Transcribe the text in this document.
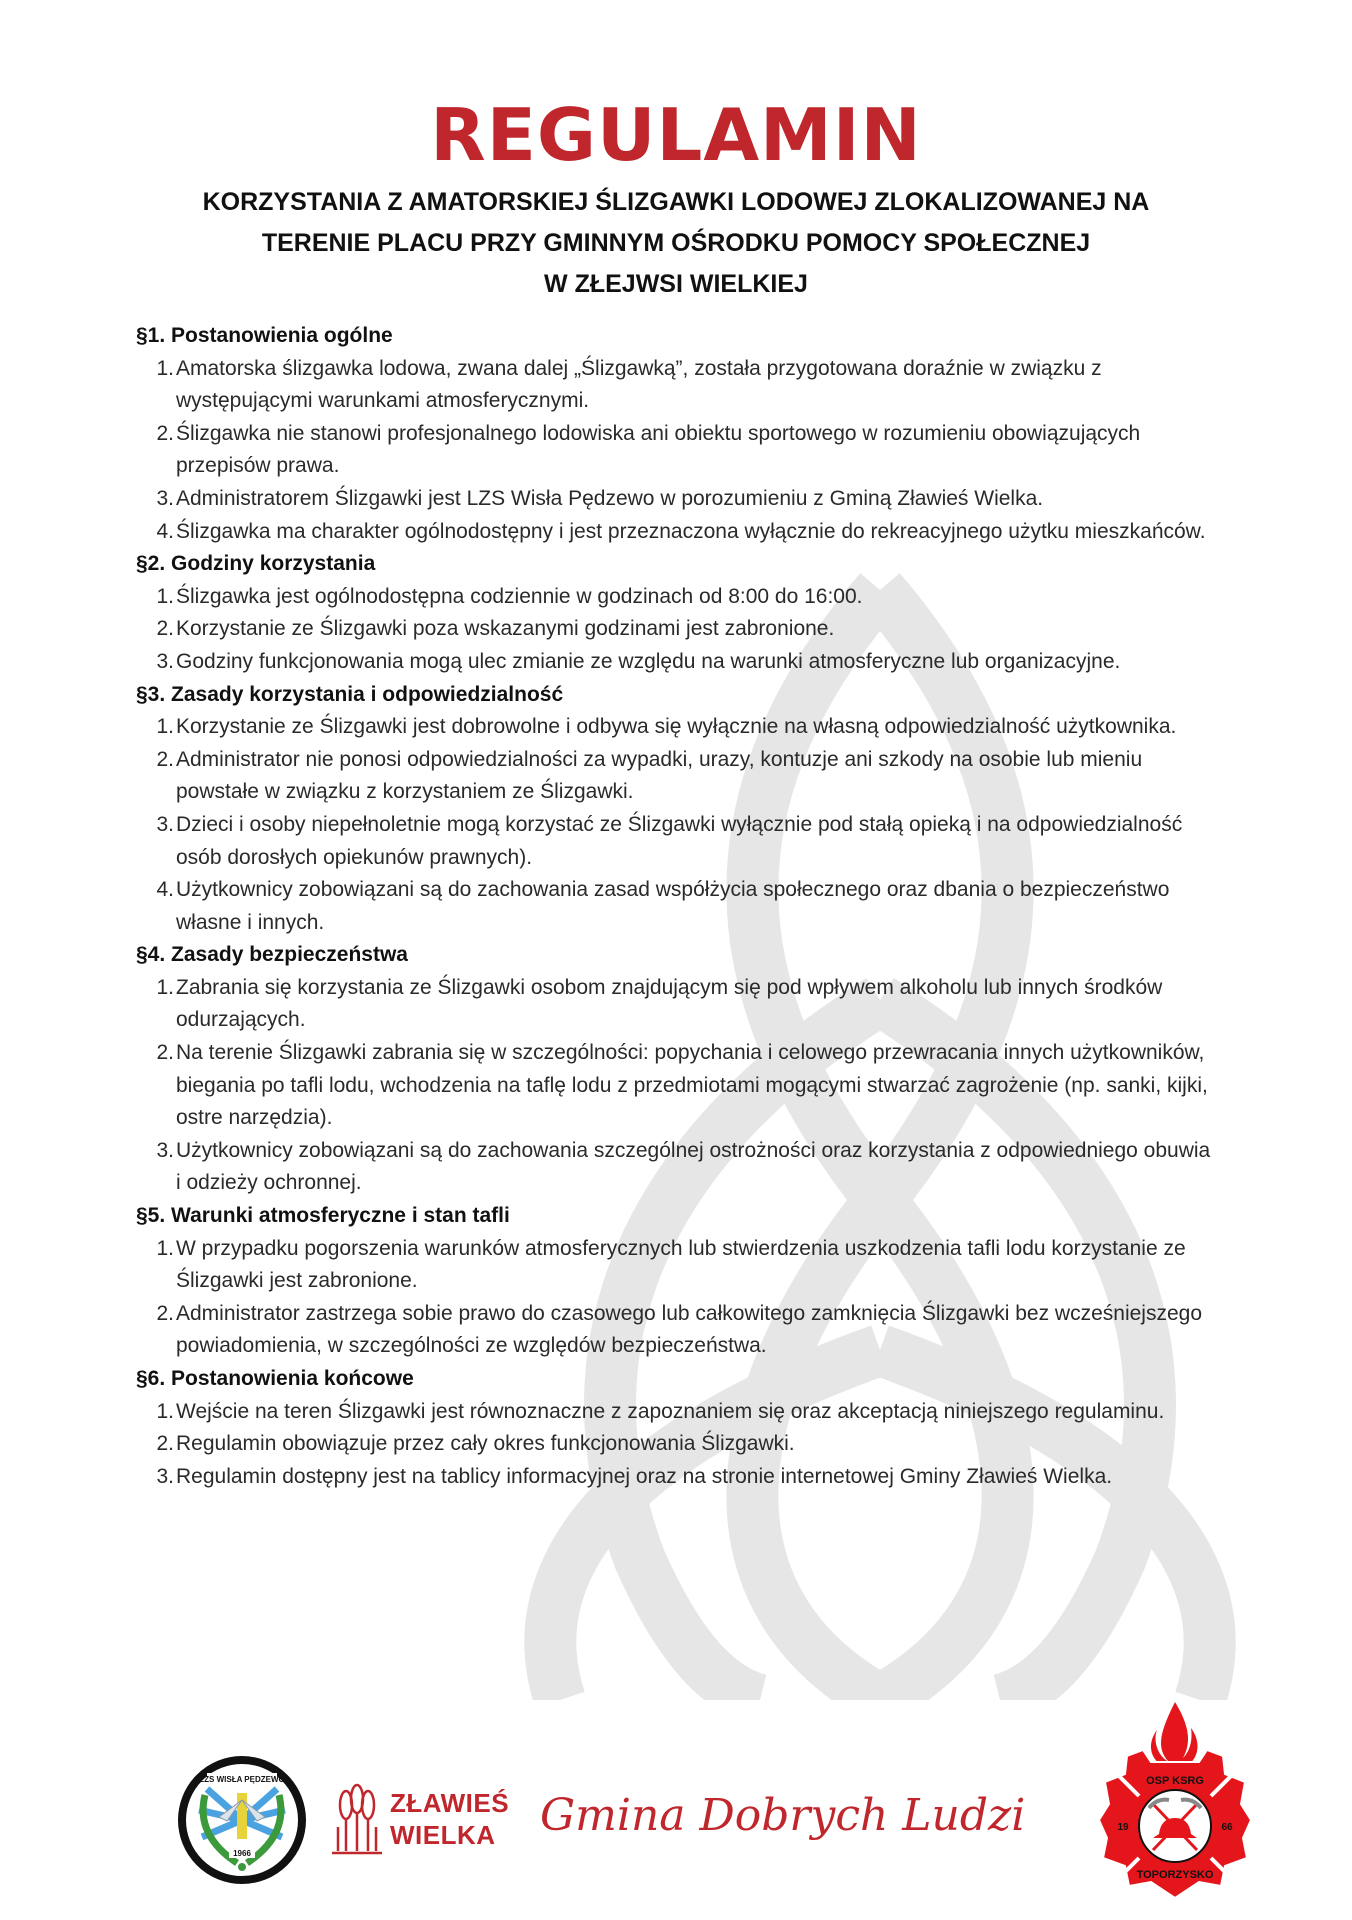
REGULAMIN
KORZYSTANIA Z AMATORSKIEJ ŚLIZGAWKI LODOWEJ ZLOKALIZOWANEJ NA
TERENIE PLACU PRZY GMINNYM OŚRODKU POMOCY SPOŁECZNEJ
W ZŁEJWSI WIELKIEJ

§1. Postanowienia ogólne

1. Amatorska ślizgawka lodowa, zwana dalej „Ślizgawką”, została przygotowana doraźnie w związku z występującymi warunkami atmosferycznymi.
2. Ślizgawka nie stanowi profesjonalnego lodowiska ani obiektu sportowego w rozumieniu obowiązujących przepisów prawa.
3. Administratorem Ślizgawki jest LZS Wisła Pędzewo w porozumieniu z Gminą Zławieś Wielka.
4. Ślizgawka ma charakter ogólnodostępny i jest przeznaczona wyłącznie do rekreacyjnego użytku mieszkańców.

§2. Godziny korzystania

1. Ślizgawka jest ogólnodostępna codziennie w godzinach od 8:00 do 16:00.
2. Korzystanie ze Ślizgawki poza wskazanymi godzinami jest zabronione.
3. Godziny funkcjonowania mogą ulec zmianie ze względu na warunki atmosferyczne lub organizacyjne.

§3. Zasady korzystania i odpowiedzialność

1. Korzystanie ze Ślizgawki jest dobrowolne i odbywa się wyłącznie na własną odpowiedzialność użytkownika.
2. Administrator nie ponosi odpowiedzialności za wypadki, urazy, kontuzje ani szkody na osobie lub mieniu powstałe w związku z korzystaniem ze Ślizgawki.
3. Dzieci i osoby niepełnoletnie mogą korzystać ze Ślizgawki wyłącznie pod stałą opieką i na odpowiedzialność osób dorosłych opiekunów prawnych).
4. Użytkownicy zobowiązani są do zachowania zasad współżycia społecznego oraz dbania o bezpieczeństwo własne i innych.

§4. Zasady bezpieczeństwa

1. Zabrania się korzystania ze Ślizgawki osobom znajdującym się pod wpływem alkoholu lub innych środków odurzających.
2. Na terenie Ślizgawki zabrania się w szczególności: popychania i celowego przewracania innych użytkowników, biegania po tafli lodu, wchodzenia na taflę lodu z przedmiotami mogącymi stwarzać zagrożenie (np. sanki, kijki, ostre narzędzia).
3. Użytkownicy zobowiązani są do zachowania szczególnej ostrożności oraz korzystania z odpowiedniego obuwia i odzieży ochronnej.

§5. Warunki atmosferyczne i stan tafli

1. W przypadku pogorszenia warunków atmosferycznych lub stwierdzenia uszkodzenia tafli lodu korzystanie ze Ślizgawki jest zabronione.
2. Administrator zastrzega sobie prawo do czasowego lub całkowitego zamknięcia Ślizgawki bez wcześniejszego powiadomienia, w szczególności ze względów bezpieczeństwa.

§6. Postanowienia końcowe

1. Wejście na teren Ślizgawki jest równoznaczne z zapoznaniem się oraz akceptacją niniejszego regulaminu.
2. Regulamin obowiązuje przez cały okres funkcjonowania Ślizgawki.
3. Regulamin dostępny jest na tablicy informacyjnej oraz na stronie internetowej Gminy Zławieś Wielka.
LZS WISŁA PĘDZEWO
1966
ZŁAWIEŚ
WIELKA	Gmina Dobrych Ludzi
OSP KSRG
TOPORZYSKO
19	66
